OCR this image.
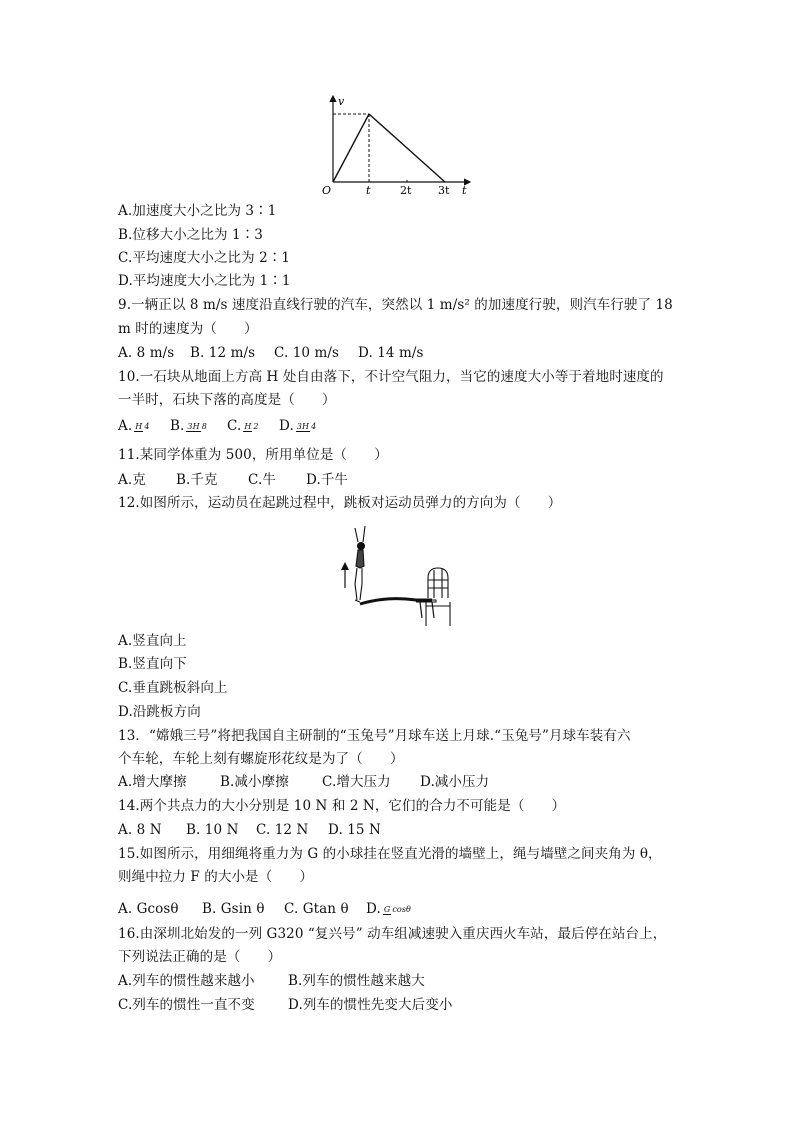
v
O	t	2t 3t t
A.加速度大小之比为 3∶1
B.位移大小之比为 1∶3
C.平均速度大小之比为 2∶1
D.平均速度大小之比为 1∶1
9.一辆正以 8 m/s 速度沿直线行驶的汽车，突然以 1 m/s² 的加速度行驶，则汽车行驶了 18
m 时的速度为（　　）
A. 8 m/s B. 12 m/s C. 10 m/s D. 14 m/s
10.一石块从地面上方高 H 处自由落下，不计空气阻力，当它的速度大小等于着地时速度的
一半时，石块下落的高度是（　　）
A. H 4 B. 3H 8 C. H 2 D. 3H 4
11.某同学体重为 500，所用单位是（　　）
A.克 B.千克 C.牛 D.千牛
12.如图所示，运动员在起跳过程中，跳板对运动员弹力的方向为（　　）
A.竖直向上
B.竖直向下
C.垂直跳板斜向上
D.沿跳板方向
13．“嫦娥三号”将把我国自主研制的“玉兔号”月球车送上月球.“玉兔号”月球车装有六
个车轮，车轮上刻有螺旋形花纹是为了（　　）
A.增大摩擦 B.减小摩擦 C.增大压力 D.减小压力
14.两个共点力的大小分别是 10 N 和 2 N，它们的合力不可能是（　　）
A. 8 N B. 10 N C. 12 N D. 15 N
15.如图所示，用细绳将重力为 G 的小球挂在竖直光滑的墙壁上，绳与墙壁之间夹角为 θ，
则绳中拉力 F 的大小是（　　）
A. Gcosθ B. Gsin θ C. Gtan θ D. G cosθ
16.由深圳北始发的一列 G320 “复兴号” 动车组减速驶入重庆西火车站，最后停在站台上，
下列说法正确的是（　　）
A.列车的惯性越来越小 B.列车的惯性越来越大
C.列车的惯性一直不变 D.列车的惯性先变大后变小
